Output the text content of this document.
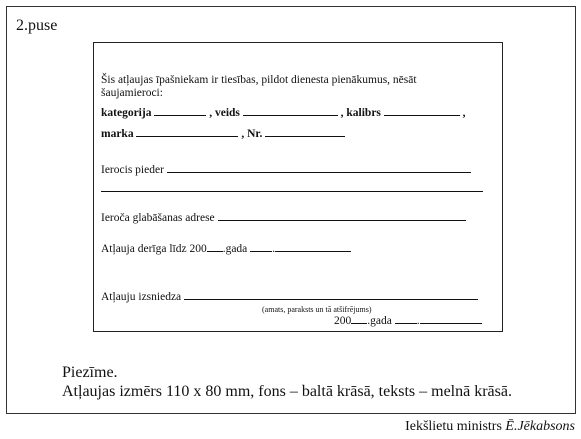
2.puse
Šis atļaujas īpašniekam ir tiesības, pildot dienesta pienākumus, nēsāt
šaujamieroci:
kategorija	, veids	, kalibrs	,
marka	, Nr.
Ierocis pieder
Ieroča glabāšanas adrese
Atļauja derīga līdz 200 .gada .
Atļauju izsniedza
(amats, paraksts un tā atšifrējums)
200 .gada .
Piezīme.
Atļaujas izmērs 110 x 80 mm, fons – baltā krāsā, teksts – melnā krāsā.
Iekšlietu ministrs Ē.Jēkabsons
